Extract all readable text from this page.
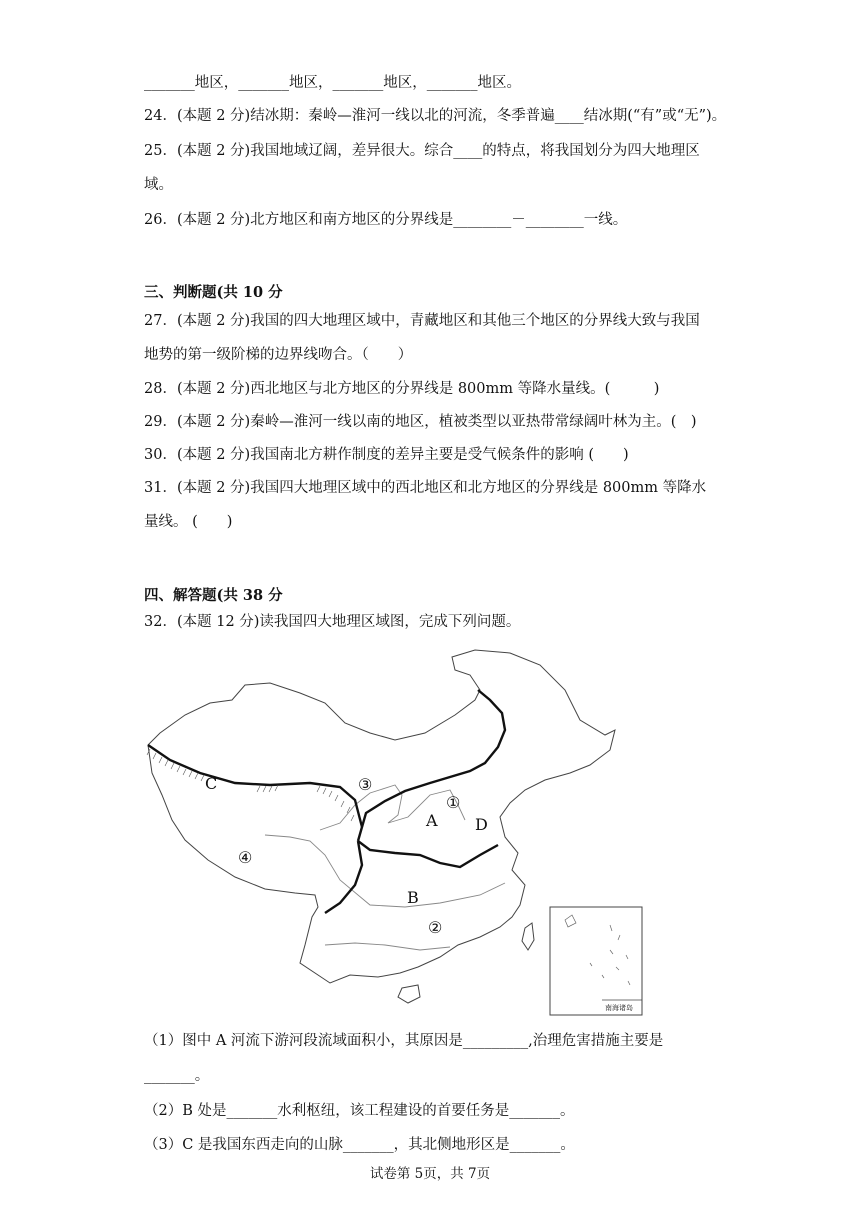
_______地区，_______地区，_______地区，_______地区。
24．(本题 2 分)结冰期：秦岭—淮河一线以北的河流，冬季普遍____结冰期(“有”或“无”)。
25．(本题 2 分)我国地域辽阔，差异很大。综合____的特点，将我国划分为四大地理区
域。
26．(本题 2 分)北方地区和南方地区的分界线是________－________一线。
三、判断题(共 10 分
27．(本题 2 分)我国的四大地理区域中，青藏地区和其他三个地区的分界线大致与我国
地势的第一级阶梯的边界线吻合。（　　）
28．(本题 2 分)西北地区与北方地区的分界线是 800mm 等降水量线。(　　　)
29．(本题 2 分)秦岭—淮河一线以南的地区，植被类型以亚热带常绿阔叶林为主。(　)
30．(本题 2 分)我国南北方耕作制度的差异主要是受气候条件的影响 (　　)
31．(本题 2 分)我国四大地理区域中的西北地区和北方地区的分界线是 800mm 等降水
量线。 (　　)
四、解答题(共 38 分
32．(本题 12 分)读我国四大地理区域图，完成下列问题。
C	③
①
A D
④
B
②
南海诸岛
（1）图中 A 河流下游河段流域面积小，其原因是_________,治理危害措施主要是
_______。
（2）B 处是_______水利枢纽，该工程建设的首要任务是_______。
（3）C 是我国东西走向的山脉_______，其北侧地形区是_______。
试卷第 5页，共 7页
